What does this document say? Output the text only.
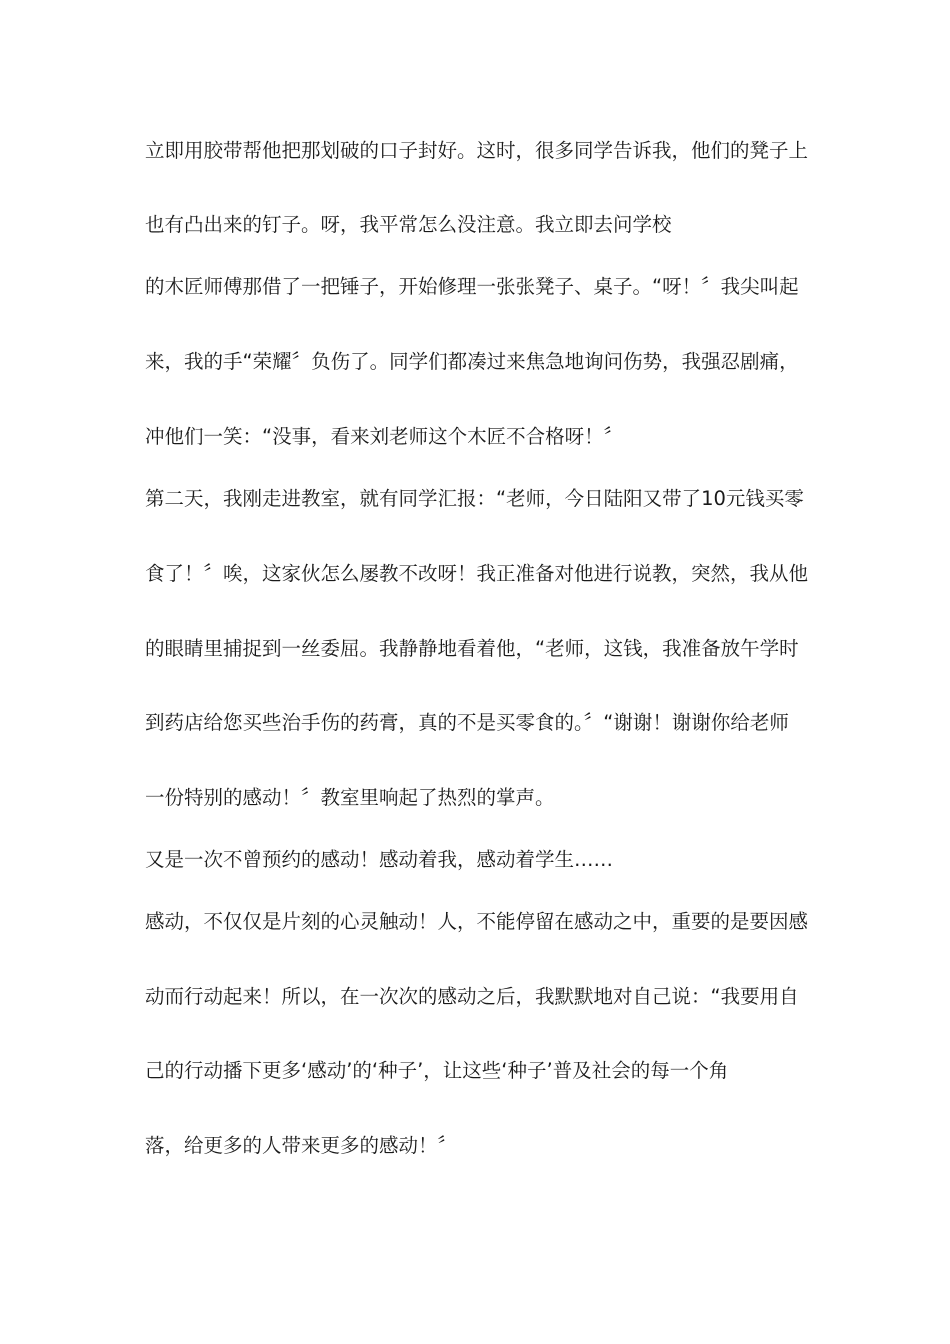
立即用胶带帮他把那划破的口子封好。这时，很多同学告诉我，他们的凳子上
也有凸出来的钉子。呀，我平常怎么没注意。我立即去问学校
的木匠师傅那借了一把锤子，开始修理一张张凳子、桌子。“呀！〞我尖叫起
来，我的手“荣耀〞负伤了。同学们都凑过来焦急地询问伤势，我强忍剧痛，
冲他们一笑：“没事，看来刘老师这个木匠不合格呀！〞
第二天，我刚走进教室，就有同学汇报：“老师，今日陆阳又带了10元钱买零
食了！〞唉，这家伙怎么屡教不改呀！我正准备对他进行说教，突然，我从他
的眼睛里捕捉到一丝委屈。我静静地看着他，“老师，这钱，我准备放午学时
到药店给您买些治手伤的药膏，真的不是买零食的。〞“谢谢！谢谢你给老师
一份特别的感动！〞教室里响起了热烈的掌声。
又是一次不曾预约的感动！感动着我，感动着学生……
感动，不仅仅是片刻的心灵触动！人，不能停留在感动之中，重要的是要因感
动而行动起来！所以，在一次次的感动之后，我默默地对自己说：“我要用自
己的行动播下更多‘感动’的‘种子’，让这些‘种子’普及社会的每一个角
落，给更多的人带来更多的感动！〞
